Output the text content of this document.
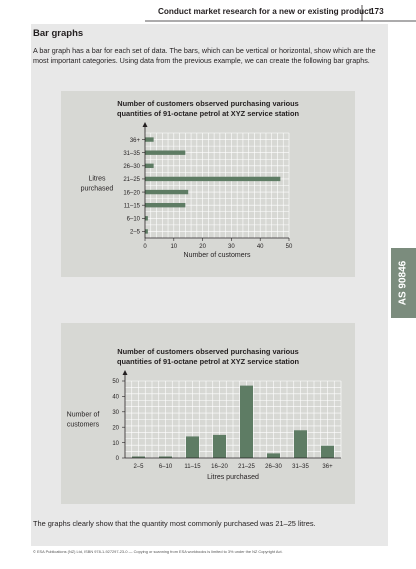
Conduct market research for a new or existing product
173
Bar graphs
A bar graph has a bar for each set of data. The bars, which can be vertical or horizontal, show which are the most important categories. Using data from the previous example, we can create the following bar graphs.
Number of customers observed purchasing various
quantities of 91-octane petrol at XYZ service station
2–5
6–10
11–15
16–20
21–25
26–30
31–35
36+
0	10	20	30	40	50
Number of customers
Litres
purchased
Number of customers observed purchasing various
quantities of 91-octane petrol at XYZ service station
2–5	6–10 11–15 16–20 21–25 26–30 31–35 36+
0
10
20
30
40
50
Litres purchased
Number of
customers
The graphs clearly show that the quantity most commonly purchased was 21–25 litres.
© ESA Publications (NZ) Ltd, ISBN 978-1-927297-23-0 — Copying or scanning from ESA workbooks is limited to 3% under the NZ Copyright Act.
AS 90846
